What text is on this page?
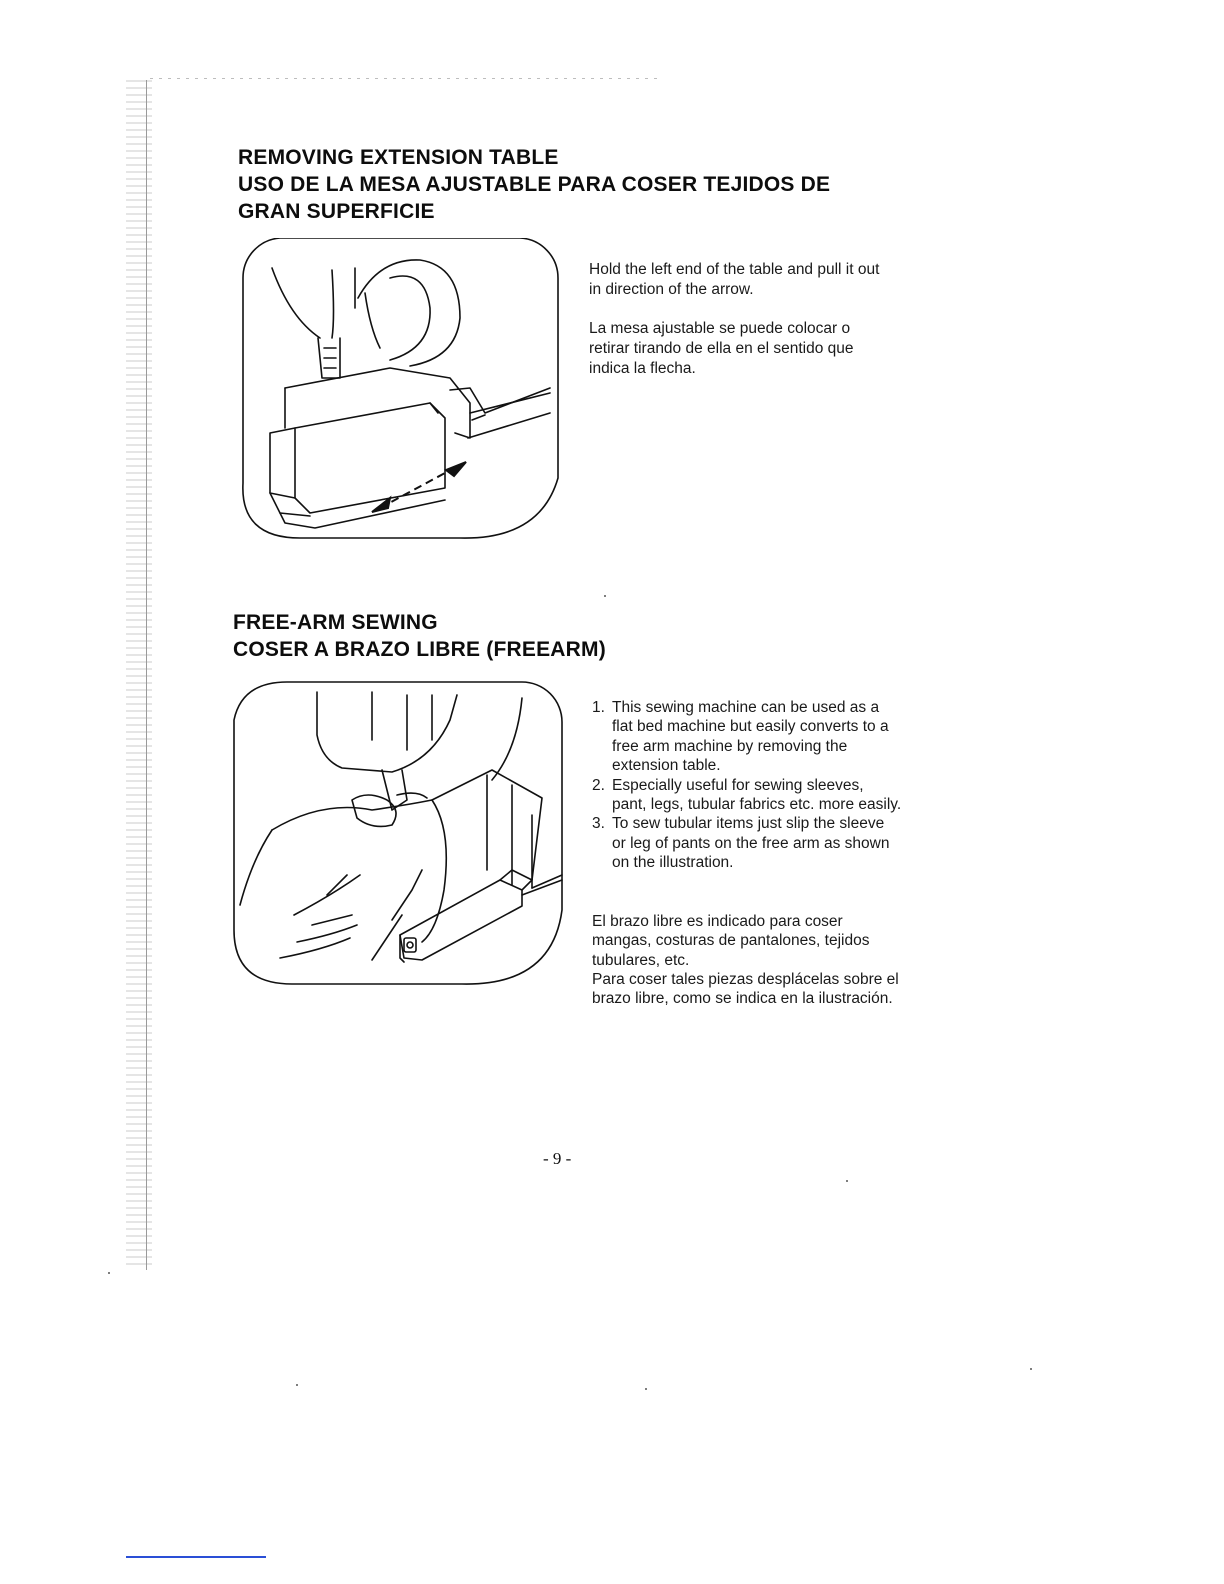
REMOVING EXTENSION TABLE
USO DE LA MESA AJUSTABLE PARA COSER TEJIDOS DE
GRAN SUPERFICIE

Hold the left end of the table and pull it out in direction of the arrow.

La mesa ajustable se puede colocar o retirar tirando de ella en el sentido que indica la flecha.

FREE-ARM SEWING
COSER A BRAZO LIBRE (FREEARM)
1. This sewing machine can be used as a flat bed machine but easily converts to a free arm machine by removing the extension table.
2. Especially useful for sewing sleeves, pant, legs, tubular fabrics etc. more easily.
3. To sew tubular items just slip the sleeve or leg of pants on the free arm as shown on the illustration.

El brazo libre es indicado para coser mangas, costuras de pantalones, tejidos tubulares, etc.

Para coser tales piezas desplácelas sobre el brazo libre, como se indica en la ilustración.

- 9 -
